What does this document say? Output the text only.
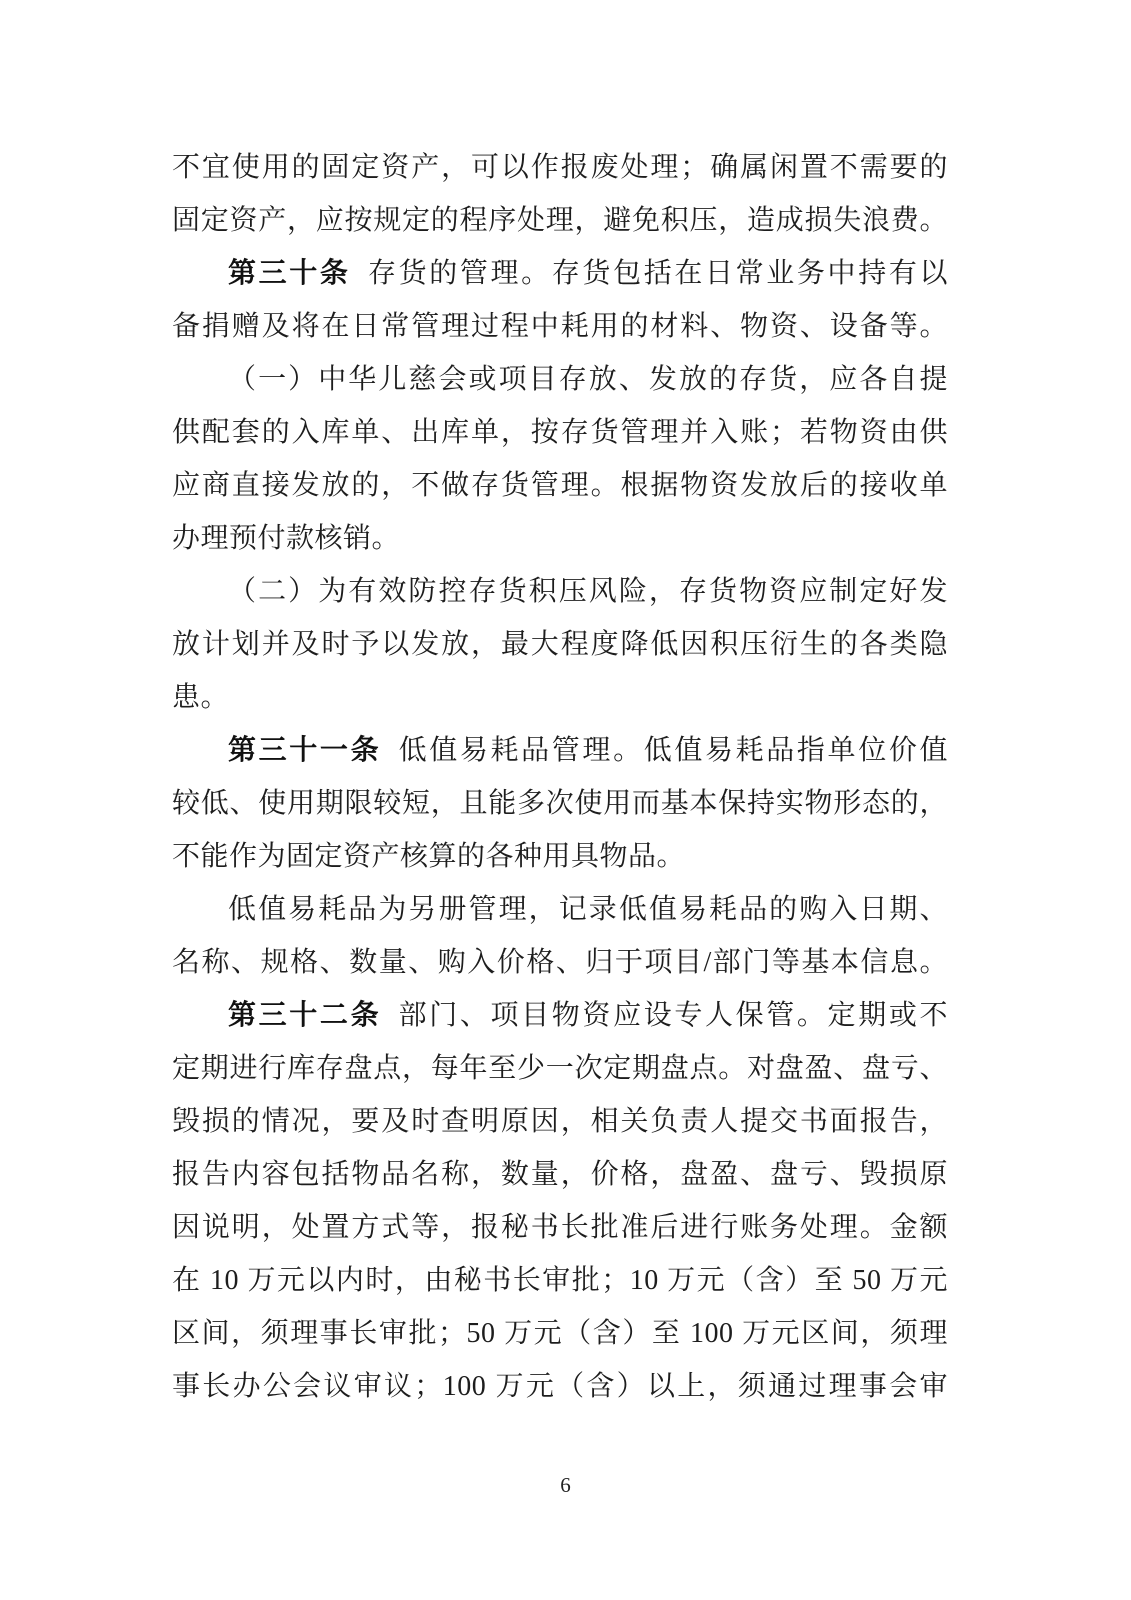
不宜使用的固定资产，可以作报废处理；确属闲置不需要的
固定资产，应按规定的程序处理，避免积压，造成损失浪费。
第三十条 存货的管理。存货包括在日常业务中持有以
备捐赠及将在日常管理过程中耗用的材料、物资、设备等。
（一）中华儿慈会或项目存放、发放的存货，应各自提
供配套的入库单、出库单，按存货管理并入账；若物资由供
应商直接发放的，不做存货管理。根据物资发放后的接收单
办理预付款核销。
（二）为有效防控存货积压风险，存货物资应制定好发
放计划并及时予以发放，最大程度降低因积压衍生的各类隐
患。
第三十一条 低值易耗品管理。低值易耗品指单位价值
较低、使用期限较短，且能多次使用而基本保持实物形态的，
不能作为固定资产核算的各种用具物品。
低值易耗品为另册管理，记录低值易耗品的购入日期、
名称、规格、数量、购入价格、归于项目/部门等基本信息。
第三十二条 部门、项目物资应设专人保管。定期或不
定期进行库存盘点，每年至少一次定期盘点。对盘盈、盘亏、
毁损的情况，要及时查明原因，相关负责人提交书面报告，
报告内容包括物品名称，数量，价格，盘盈、盘亏、毁损原
因说明，处置方式等，报秘书长批准后进行账务处理。金额
在 10 万元以内时，由秘书长审批；10 万元（含）至 50 万元
区间，须理事长审批；50 万元（含）至 100 万元区间，须理
事长办公会议审议；100 万元（含）以上，须通过理事会审
6
